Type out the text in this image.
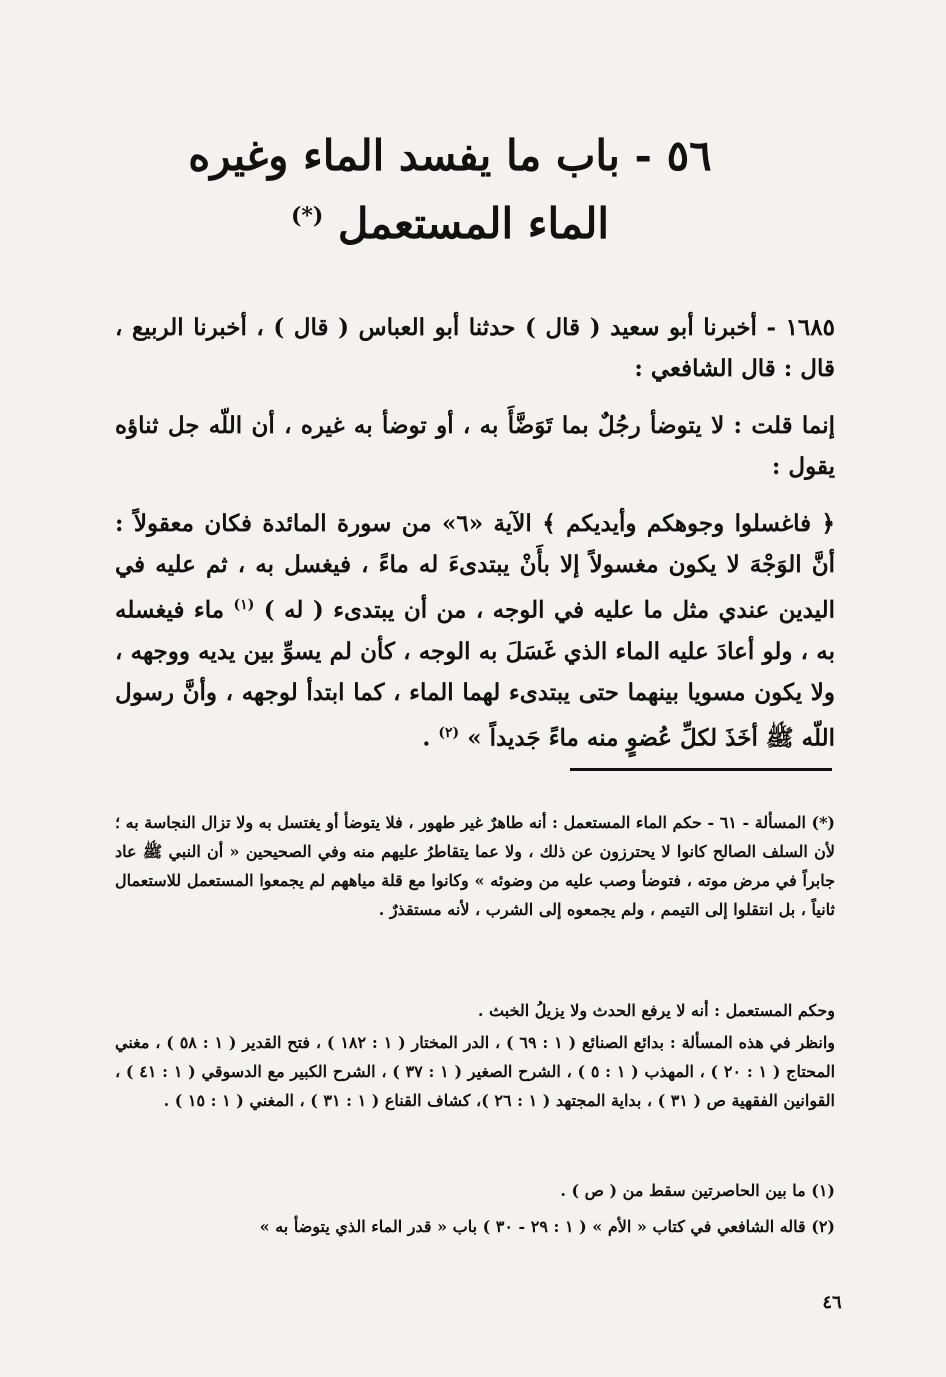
٥٦ - باب ما يفسد الماء وغيره
الماء المستعمل (*)

١٦٨٥ - أخبرنا أبو سعيد ( قال ) حدثنا أبو العباس ( قال ) ، أخبرنا الربيع ، قال : قال الشافعي :

إنما قلت : لا يتوضأ رجُلٌ بما تَوَضَّأَ به ، أو توضأ به غيره ، أن اللّه جل ثناؤه يقول :

﴿ فاغسلوا وجوهكم وأيديكم ﴾ الآية «٦» من سورة المائدة فكان معقولاً : أنَّ الوَجْهَ لا يكون مغسولاً إلا بأَنْ يبتدىءَ له ماءً ، فيغسل به ، ثم عليه في اليدين عندي مثل ما عليه في الوجه ، من أن يبتدىء ( له ) $^{(١)}$ ماء فيغسله به ، ولو أعادَ عليه الماء الذي غَسَلَ به الوجه ، كأن لم يسوِّ بين يديه ووجهه ، ولا يكون مسويا بينهما حتى يبتدىء لهما الماء ، كما ابتدأ لوجهه ، وأنَّ رسول اللّه ﷺ أخَذَ لكلِّ عُضوٍ منه ماءً جَديداً » $^{(٢)}$ .

(*) المسألة - ٦١ - حكم الماء المستعمل : أنه طاهرٌ غير طهور ، فلا يتوضأ أو يغتسل به ولا تزال النجاسة به ؛ لأن السلف الصالح كانوا لا يحترزون عن ذلك ، ولا عما يتقاطرُ عليهم منه وفي الصحيحين « أن النبي ﷺ عاد جابراً في مرض موته ، فتوضأ وصب عليه من وضوئه » وكانوا مع قلة مياههم لم يجمعوا المستعمل للاستعمال ثانياً ، بل انتقلوا إلى التيمم ، ولم يجمعوه إلى الشرب ، لأنه مستقذرٌ .

وحكم المستعمل : أنه لا يرفع الحدث ولا يزيلُ الخبث .

وانظر في هذه المسألة : بدائع الصنائع ( ١ : ٦٩ ) ، الدر المختار ( ١ : ١٨٢ ) ، فتح القدير ( ١ : ٥٨ ) ، مغني المحتاج ( ١ : ٢٠ ) ، المهذب ( ١ : ٥ ) ، الشرح الصغير ( ١ : ٣٧ ) ، الشرح الكبير مع الدسوقي ( ١ : ٤١ ) ، القوانين الفقهية ص ( ٣١ ) ، بداية المجتهد ( ١ : ٢٦ )، كشاف القناع ( ١ : ٣١ ) ، المغني ( ١ : ١٥ ) .

(١) ما بين الحاصرتين سقط من ( ص ) .

(٢) قاله الشافعي في كتاب « الأم » ( ١ : ٢٩ - ٣٠ ) باب « قدر الماء الذي يتوضأ به »

٤٦
